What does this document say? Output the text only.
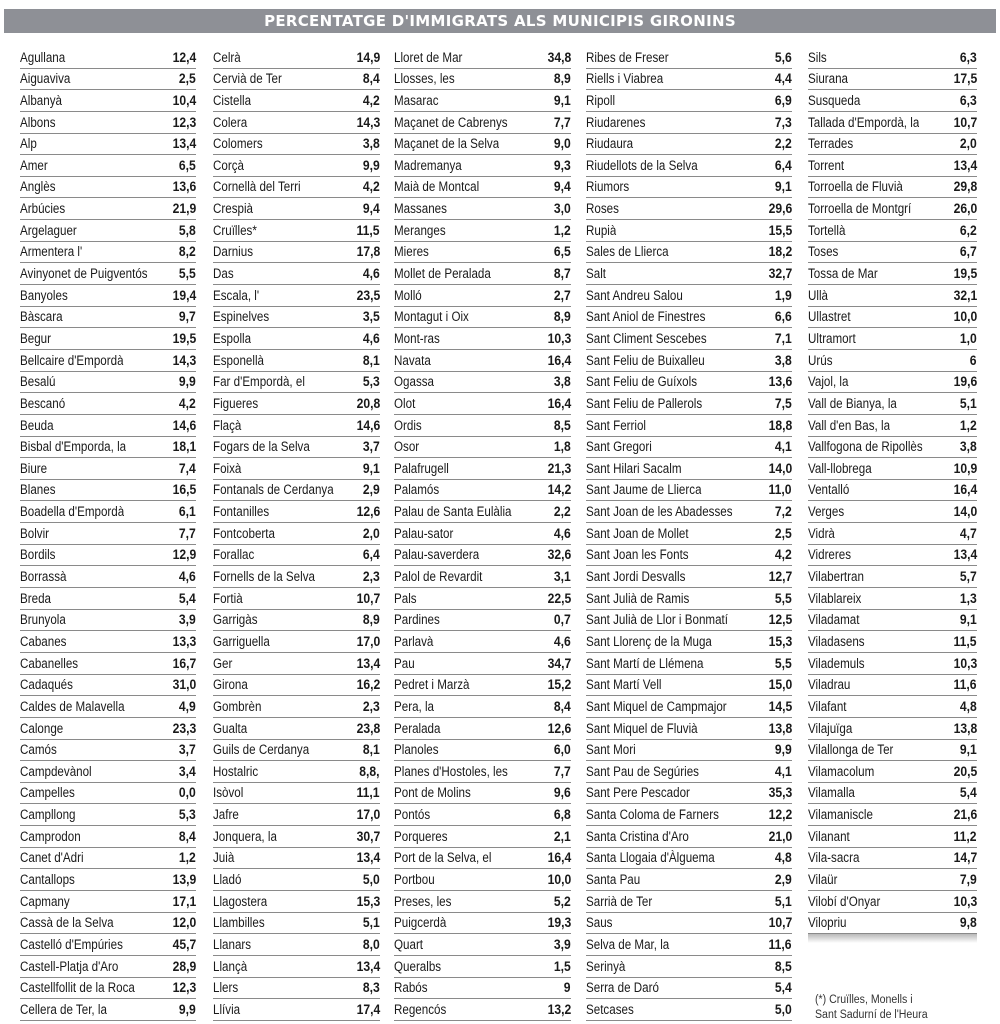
PERCENTATGE D'IMMIGRATS ALS MUNICIPIS GIRONINS
Agullana	12,4
Aiguaviva	2,5
Albanyà	10,4
Albons	12,3
Alp	13,4
Amer	6,5
Anglès	13,6
Arbúcies	21,9
Argelaguer	5,8
Armentera l'	8,2
Avinyonet de Puigventós 5,5
Banyoles	19,4
Bàscara	9,7
Begur	19,5
Bellcaire d'Empordà	14,3
Besalú	9,9
Bescanó	4,2
Beuda	14,6
Bisbal d'Emporda, la	18,1
Biure	7,4
Blanes	16,5
Boadella d'Empordà	6,1
Bolvir	7,7
Bordils	12,9
Borrassà	4,6
Breda	5,4
Brunyola	3,9
Cabanes	13,3
Cabanelles	16,7
Cadaqués	31,0
Caldes de Malavella	4,9
Calonge	23,3
Camós	3,7
Campdevànol	3,4
Campelles	0,0
Campllong	5,3
Camprodon	8,4
Canet d'Adri	1,2
Cantallops	13,9
Capmany	17,1
Cassà de la Selva	12,0
Castelló d'Empúries	45,7
Castell-Platja d'Aro	28,9
Castellfollit de la Roca	12,3
Cellera de Ter, la	9,9
Celrà	14,9
Cervià de Ter	8,4
Cistella	4,2
Colera	14,3
Colomers	3,8
Corçà	9,9
Cornellà del Terri	4,2
Crespià	9,4
Cruïlles*	11,5
Darnius	17,8
Das	4,6
Escala, l'	23,5
Espinelves	3,5
Espolla	4,6
Esponellà	8,1
Far d'Empordà, el	5,3
Figueres	20,8
Flaçà	14,6
Fogars de la Selva	3,7
Foixà	9,1
Fontanals de Cerdanya 2,9
Fontanilles	12,6
Fontcoberta	2,0
Forallac	6,4
Fornells de la Selva	2,3
Fortià	10,7
Garrigàs	8,9
Garriguella	17,0
Ger	13,4
Girona	16,2
Gombrèn	2,3
Gualta	23,8
Guils de Cerdanya	8,1
Hostalric	8,8,
Isòvol	11,1
Jafre	17,0
Jonquera, la	30,7
Juià	13,4
Lladó	5,0
Llagostera	15,3
Llambilles	5,1
Llanars	8,0
Llançà	13,4
Llers	8,3
Llívia	17,4
Lloret de Mar	34,8
Llosses, les	8,9
Masarac	9,1
Maçanet de Cabrenys	7,7
Maçanet de la Selva	9,0
Madremanya	9,3
Maià de Montcal	9,4
Massanes	3,0
Meranges	1,2
Mieres	6,5
Mollet de Peralada	8,7
Molló	2,7
Montagut i Oix	8,9
Mont-ras	10,3
Navata	16,4
Ogassa	3,8
Olot	16,4
Ordis	8,5
Osor	1,8
Palafrugell	21,3
Palamós	14,2
Palau de Santa Eulàlia	2,2
Palau-sator	4,6
Palau-saverdera	32,6
Palol de Revardit	3,1
Pals	22,5
Pardines	0,7
Parlavà	4,6
Pau	34,7
Pedret i Marzà	15,2
Pera, la	8,4
Peralada	12,6
Planoles	6,0
Planes d'Hostoles, les	7,7
Pont de Molins	9,6
Pontós	6,8
Porqueres	2,1
Port de la Selva, el	16,4
Portbou	10,0
Preses, les	5,2
Puigcerdà	19,3
Quart	3,9
Queralbs	1,5
Rabós	9
Regencós	13,2
Ribes de Freser	5,6
Riells i Viabrea	4,4
Ripoll	6,9
Riudarenes	7,3
Riudaura	2,2
Riudellots de la Selva	6,4
Riumors	9,1
Roses	29,6
Rupià	15,5
Sales de Llierca	18,2
Salt	32,7
Sant Andreu Salou	1,9
Sant Aniol de Finestres	6,6
Sant Climent Sescebes	7,1
Sant Feliu de Buixalleu	3,8
Sant Feliu de Guíxols	13,6
Sant Feliu de Pallerols	7,5
Sant Ferriol	18,8
Sant Gregori	4,1
Sant Hilari Sacalm	14,0
Sant Jaume de Llierca	11,0
Sant Joan de les Abadesses	7,2
Sant Joan de Mollet	2,5
Sant Joan les Fonts	4,2
Sant Jordi Desvalls	12,7
Sant Julià de Ramis	5,5
Sant Julià de Llor i Bonmatí	12,5
Sant Llorenç de la Muga	15,3
Sant Martí de Llémena	5,5
Sant Martí Vell	15,0
Sant Miquel de Campmajor	14,5
Sant Miquel de Fluvià	13,8
Sant Mori	9,9
Sant Pau de Segúries	4,1
Sant Pere Pescador	35,3
Santa Coloma de Farners	12,2
Santa Cristina d'Aro	21,0
Santa Llogaia d'Àlguema	4,8
Santa Pau	2,9
Sarrià de Ter	5,1
Saus	10,7
Selva de Mar, la	11,6
Serinyà	8,5
Serra de Daró	5,4
Setcases	5,0
Sils	6,3
Siurana	17,5
Susqueda	6,3
Tallada d'Empordà, la	10,7
Terrades	2,0
Torrent	13,4
Torroella de Fluvià	29,8
Torroella de Montgrí	26,0
Tortellà	6,2
Toses	6,7
Tossa de Mar	19,5
Ullà	32,1
Ullastret	10,0
Ultramort	1,0
Urús	6
Vajol, la	19,6
Vall de Bianya, la	5,1
Vall d'en Bas, la	1,2
Vallfogona de Ripollès	3,8
Vall-llobrega	10,9
Ventalló	16,4
Verges	14,0
Vidrà	4,7
Vidreres	13,4
Vilabertran	5,7
Vilablareix	1,3
Viladamat	9,1
Viladasens	11,5
Vilademuls	10,3
Viladrau	11,6
Vilafant	4,8
Vilajuïga	13,8
Vilallonga de Ter	9,1
Vilamacolum	20,5
Vilamalla	5,4
Vilamaniscle	21,6
Vilanant	11,2
Vila-sacra	14,7
Vilaür	7,9
Vilobí d'Onyar	10,3
Vilopriu	9,8
(*) Cruïlles, Monells i
Sant Sadurní de l'Heura
